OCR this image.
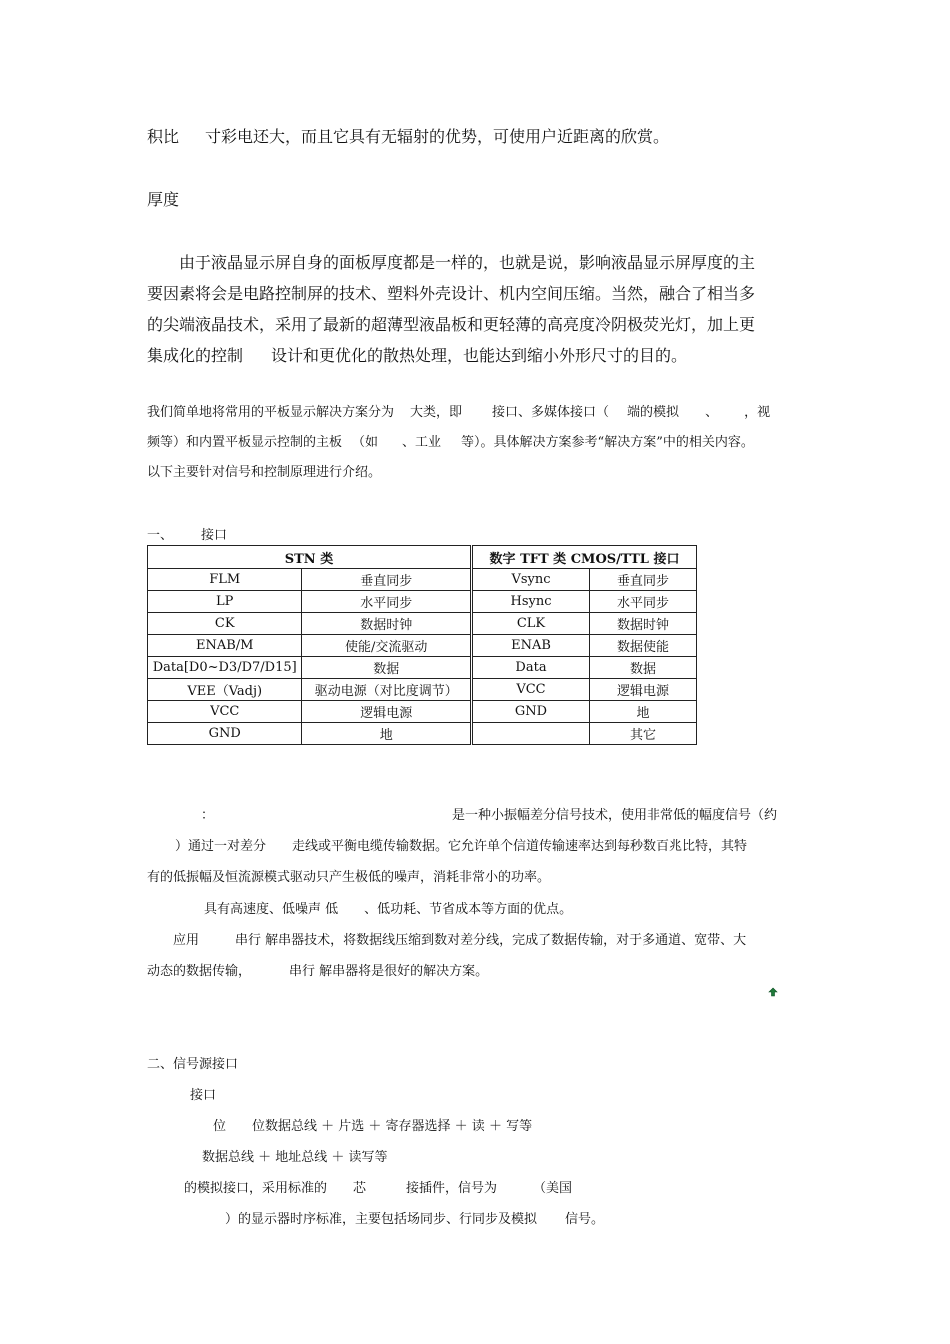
积比 寸彩电还大，而且它具有无辐射的优势，可使用户近距离的欣赏。
厚度
由于液晶显示屏自身的面板厚度都是一样的，也就是说，影响液晶显示屏厚度的主
要因素将会是电路控制屏的技术、塑料外壳设计、机内空间压缩。当然，融合了相当多
的尖端液晶技术，采用了最新的超薄型液晶板和更轻薄的高亮度冷阴极荧光灯，加上更
集成化的控制 设计和更优化的散热处理，也能达到缩小外形尺寸的目的。
我们简单地将常用的平板显示解决方案分为 大类，即 接口、多媒体接口（ 端的模拟 、 ，视
频等）和内置平板显示控制的主板 （如 、工业 等）。具体解决方案参考“解决方案”中的相关内容。
以下主要针对信号和控制原理进行介绍。
一、 接口
STN 类			数字 TFT 类 CMOS/TTL 接口	
FLM	垂直同步		Vsync	垂直同步
LP	水平同步		Hsync	水平同步
CK	数据时钟		CLK	数据时钟
ENAB/M	使能/交流驱动		ENAB	数据使能
Data[D0~D3/D7/D15]	数据		Data	数据
VEE（Vadj)	驱动电源（对比度调节）		VCC	逻辑电源
VCC	逻辑电源		GND	地
GND	地			其它
：	是一种小振幅差分信号技术，使用非常低的幅度信号（约
）通过一对差分 走线或平衡电缆传输数据。它允许单个信道传输速率达到每秒数百兆比特，其特
有的低振幅及恒流源模式驱动只产生极低的噪声，消耗非常小的功率。
具有高速度、低噪声 低 、低功耗、节省成本等方面的优点。
应用	串行 解串器技术，将数据线压缩到数对差分线，完成了数据传输，对于多通道、宽带、大
动态的数据传输，	串行 解串器将是很好的解决方案。
二、信号源接口
接口
位 位数据总线 ＋ 片选 ＋ 寄存器选择 ＋ 读 ＋ 写等
数据总线 ＋ 地址总线 ＋ 读写等
的模拟接口，采用标准的 芯	接插件，信号为	（美国
）的显示器时序标准，主要包括场同步、行同步及模拟 信号。
